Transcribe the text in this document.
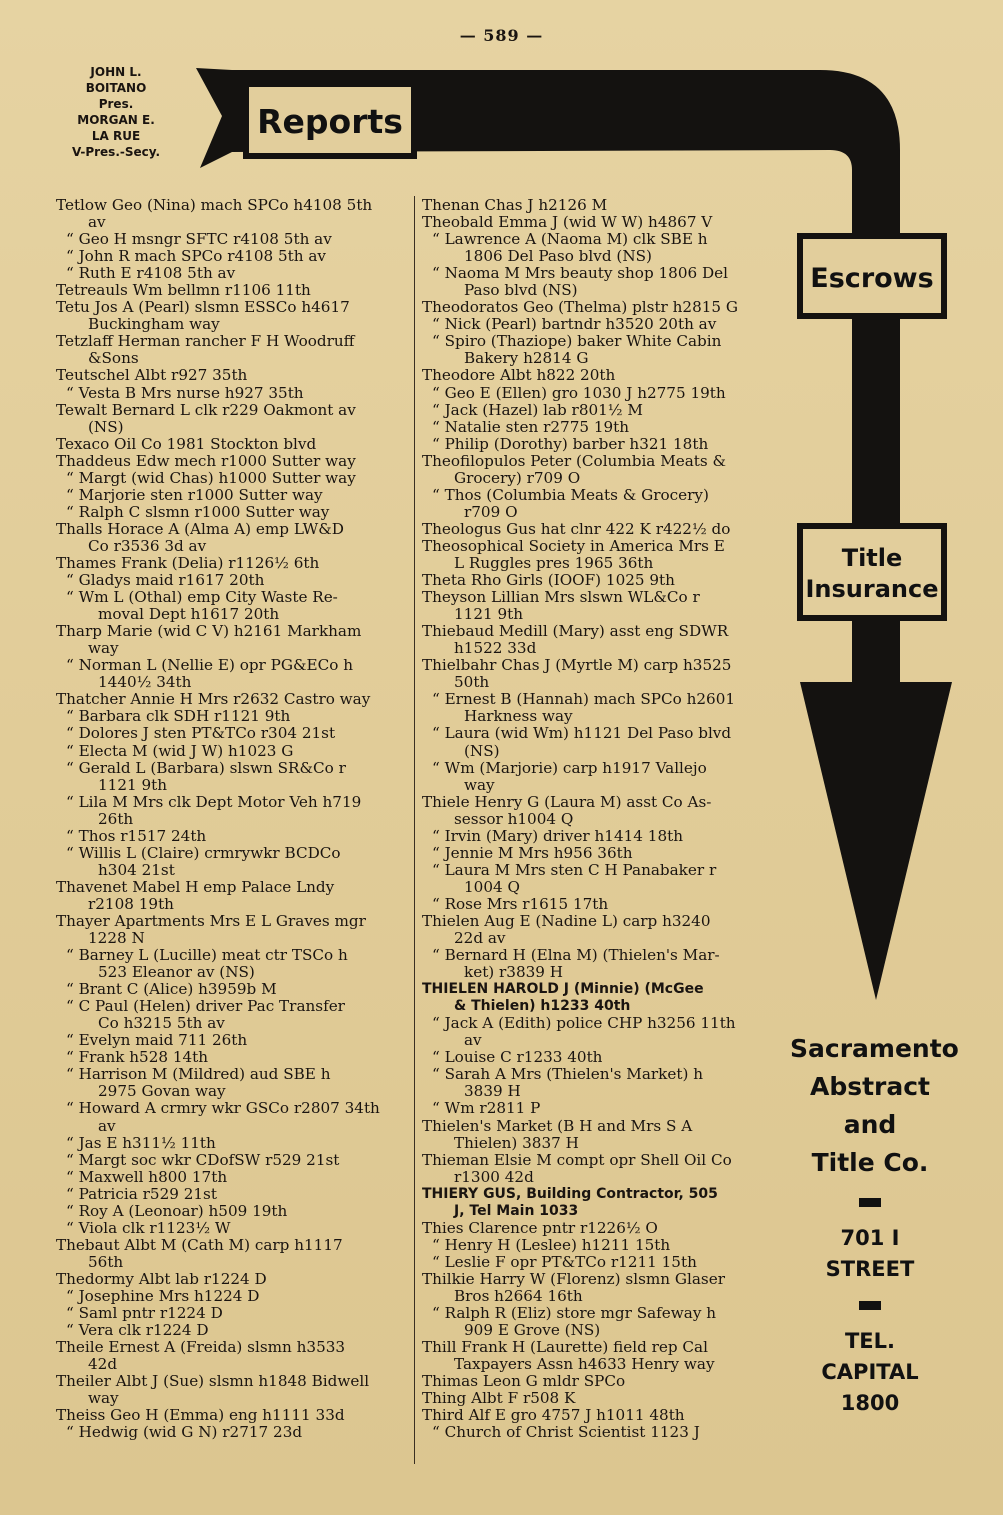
— 589 —
JOHN L.
BOITANO
Pres.
MORGAN E.
LA RUE
V-Pres.-Secy.
Reports
Escrows
Title
Insurance

Tetlow Geo (Nina) mach SPCo h4108 5th
av

“ Geo H msngr SFTC r4108 5th av

“ John R mach SPCo r4108 5th av

“ Ruth E r4108 5th av

Tetreauls Wm bellmn r1106 11th

Tetu Jos A (Pearl) slsmn ESSCo h4617
Buckingham way

Tetzlaff Herman rancher F H Woodruff
&Sons

Teutschel Albt r927 35th

“ Vesta B Mrs nurse h927 35th

Tewalt Bernard L clk r229 Oakmont av
(NS)

Texaco Oil Co 1981 Stockton blvd

Thaddeus Edw mech r1000 Sutter way

“ Margt (wid Chas) h1000 Sutter way

“ Marjorie sten r1000 Sutter way

“ Ralph C slsmn r1000 Sutter way

Thalls Horace A (Alma A) emp LW&D
Co r3536 3d av

Thames Frank (Delia) r1126½ 6th

“ Gladys maid r1617 20th

“ Wm L (Othal) emp City Waste Re-
moval Dept h1617 20th

Tharp Marie (wid C V) h2161 Markham
way

“ Norman L (Nellie E) opr PG&ECo h
1440½ 34th

Thatcher Annie H Mrs r2632 Castro way

“ Barbara clk SDH r1121 9th

“ Dolores J sten PT&TCo r304 21st

“ Electa M (wid J W) h1023 G

“ Gerald L (Barbara) slswn SR&Co r
1121 9th

“ Lila M Mrs clk Dept Motor Veh h719
26th

“ Thos r1517 24th

“ Willis L (Claire) crmrywkr BCDCo
h304 21st

Thavenet Mabel H emp Palace Lndy
r2108 19th

Thayer Apartments Mrs E L Graves mgr
1228 N

“ Barney L (Lucille) meat ctr TSCo h
523 Eleanor av (NS)

“ Brant C (Alice) h3959b M

“ C Paul (Helen) driver Pac Transfer
Co h3215 5th av

“ Evelyn maid 711 26th

“ Frank h528 14th

“ Harrison M (Mildred) aud SBE h
2975 Govan way

“ Howard A crmry wkr GSCo r2807 34th
av

“ Jas E h311½ 11th

“ Margt soc wkr CDofSW r529 21st

“ Maxwell h800 17th

“ Patricia r529 21st

“ Roy A (Leonoar) h509 19th

“ Viola clk r1123½ W

Thebaut Albt M (Cath M) carp h1117
56th

Thedormy Albt lab r1224 D

“ Josephine Mrs h1224 D

“ Saml pntr r1224 D

“ Vera clk r1224 D

Theile Ernest A (Freida) slsmn h3533
42d

Theiler Albt J (Sue) slsmn h1848 Bidwell
way

Theiss Geo H (Emma) eng h1111 33d

“ Hedwig (wid G N) r2717 23d

Thenan Chas J h2126 M

Theobald Emma J (wid W W) h4867 V

“ Lawrence A (Naoma M) clk SBE h
1806 Del Paso blvd (NS)

“ Naoma M Mrs beauty shop 1806 Del
Paso blvd (NS)

Theodoratos Geo (Thelma) plstr h2815 G

“ Nick (Pearl) bartndr h3520 20th av

“ Spiro (Thaziope) baker White Cabin
Bakery h2814 G

Theodore Albt h822 20th

“ Geo E (Ellen) gro 1030 J h2775 19th

“ Jack (Hazel) lab r801½ M

“ Natalie sten r2775 19th

“ Philip (Dorothy) barber h321 18th

Theofilopulos Peter (Columbia Meats &
Grocery) r709 O

“ Thos (Columbia Meats & Grocery)
r709 O

Theologus Gus hat clnr 422 K r422½ do

Theosophical Society in America Mrs E
L Ruggles pres 1965 36th

Theta Rho Girls (IOOF) 1025 9th

Theyson Lillian Mrs slswn WL&Co r
1121 9th

Thiebaud Medill (Mary) asst eng SDWR
h1522 33d

Thielbahr Chas J (Myrtle M) carp h3525
50th

“ Ernest B (Hannah) mach SPCo h2601
Harkness way

“ Laura (wid Wm) h1121 Del Paso blvd
(NS)

“ Wm (Marjorie) carp h1917 Vallejo
way

Thiele Henry G (Laura M) asst Co As-
sessor h1004 Q

“ Irvin (Mary) driver h1414 18th

“ Jennie M Mrs h956 36th

“ Laura M Mrs sten C H Panabaker r
1004 Q

“ Rose Mrs r1615 17th

Thielen Aug E (Nadine L) carp h3240
22d av

“ Bernard H (Elna M) (Thielen's Mar-
ket) r3839 H

THIELEN HAROLD J (Minnie) (McGee
& Thielen) h1233 40th

“ Jack A (Edith) police CHP h3256 11th
av

“ Louise C r1233 40th

“ Sarah A Mrs (Thielen's Market) h
3839 H

“ Wm r2811 P

Thielen's Market (B H and Mrs S A
Thielen) 3837 H

Thieman Elsie M compt opr Shell Oil Co
r1300 42d

THIERY GUS, Building Contractor, 505
J, Tel Main 1033

Thies Clarence pntr r1226½ O

“ Henry H (Leslee) h1211 15th

“ Leslie F opr PT&TCo r1211 15th

Thilkie Harry W (Florenz) slsmn Glaser
Bros h2664 16th

“ Ralph R (Eliz) store mgr Safeway h
909 E Grove (NS)

Thill Frank H (Laurette) field rep Cal
Taxpayers Assn h4633 Henry way

Thimas Leon G mldr SPCo

Thing Albt F r508 K

Third Alf E gro 4757 J h1011 48th

“ Church of Christ Scientist 1123 J

Sacramento
Abstract
and
Title Co.
701 I
STREET
TEL.
CAPITAL
1800
